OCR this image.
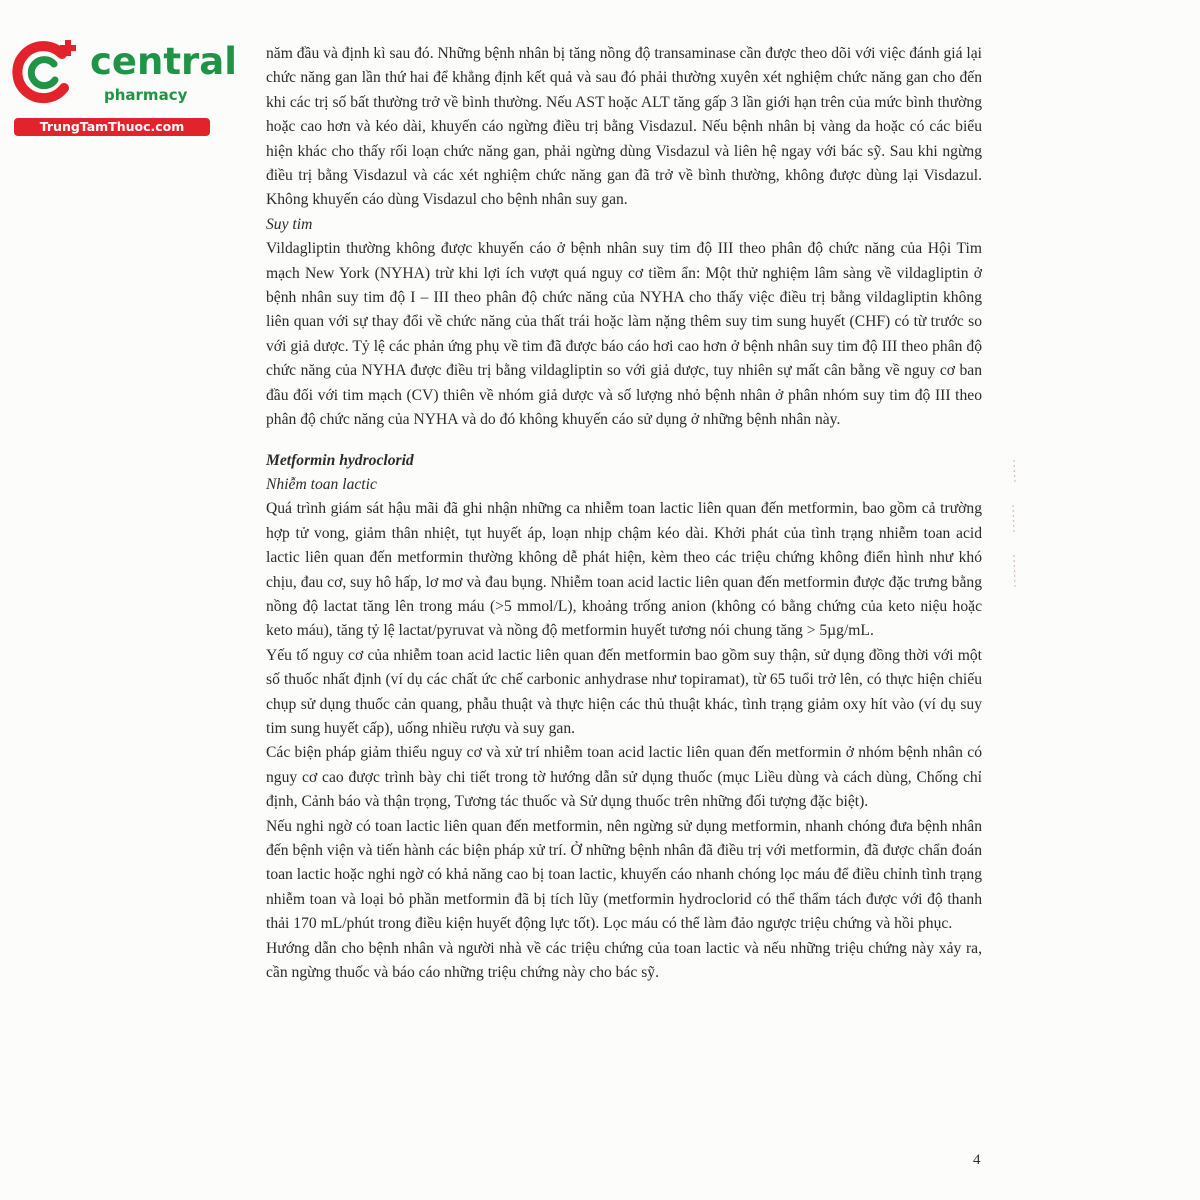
central
pharmacy
TrungTamThuoc.com

năm đầu và định kì sau đó. Những bệnh nhân bị tăng nồng độ transaminase cần được theo dõi với việc đánh giá lại chức năng gan lần thứ hai để khẳng định kết quả và sau đó phải thường xuyên xét nghiệm chức năng gan cho đến khi các trị số bất thường trở về bình thường. Nếu AST hoặc ALT tăng gấp 3 lần giới hạn trên của mức bình thường hoặc cao hơn và kéo dài, khuyến cáo ngừng điều trị bằng Visdazul. Nếu bệnh nhân bị vàng da hoặc có các biểu hiện khác cho thấy rối loạn chức năng gan, phải ngừng dùng Visdazul và liên hệ ngay với bác sỹ. Sau khi ngừng điều trị bằng Visdazul và các xét nghiệm chức năng gan đã trở về bình thường, không được dùng lại Visdazul. Không khuyến cáo dùng Visdazul cho bệnh nhân suy gan.

Suy tim

Vildagliptin thường không được khuyến cáo ở bệnh nhân suy tim độ III theo phân độ chức năng của Hội Tim mạch New York (NYHA) trừ khi lợi ích vượt quá nguy cơ tiềm ẩn: Một thử nghiệm lâm sàng về vildagliptin ở bệnh nhân suy tim độ I – III theo phân độ chức năng của NYHA cho thấy việc điều trị bằng vildagliptin không liên quan với sự thay đổi về chức năng của thất trái hoặc làm nặng thêm suy tim sung huyết (CHF) có từ trước so với giả dược. Tỷ lệ các phản ứng phụ về tim đã được báo cáo hơi cao hơn ở bệnh nhân suy tim độ III theo phân độ chức năng của NYHA được điều trị bằng vildagliptin so với giả dược, tuy nhiên sự mất cân bằng về nguy cơ ban đầu đối với tim mạch (CV) thiên về nhóm giả dược và số lượng nhỏ bệnh nhân ở phân nhóm suy tim độ III theo phân độ chức năng của NYHA và do đó không khuyến cáo sử dụng ở những bệnh nhân này.

Metformin hydroclorid

Nhiễm toan lactic

Quá trình giám sát hậu mãi đã ghi nhận những ca nhiễm toan lactic liên quan đến metformin, bao gồm cả trường hợp tử vong, giảm thân nhiệt, tụt huyết áp, loạn nhịp chậm kéo dài. Khởi phát của tình trạng nhiễm toan acid lactic liên quan đến metformin thường không dễ phát hiện, kèm theo các triệu chứng không điển hình như khó chịu, đau cơ, suy hô hấp, lơ mơ và đau bụng. Nhiễm toan acid lactic liên quan đến metformin được đặc trưng bằng nồng độ lactat tăng lên trong máu (>5 mmol/L), khoảng trống anion (không có bằng chứng của keto niệu hoặc keto máu), tăng tỷ lệ lactat/pyruvat và nồng độ metformin huyết tương nói chung tăng > 5µg/mL.

Yếu tố nguy cơ của nhiễm toan acid lactic liên quan đến metformin bao gồm suy thận, sử dụng đồng thời với một số thuốc nhất định (ví dụ các chất ức chế carbonic anhydrase như topiramat), từ 65 tuổi trở lên, có thực hiện chiếu chụp sử dụng thuốc cản quang, phẫu thuật và thực hiện các thủ thuật khác, tình trạng giảm oxy hít vào (ví dụ suy tim sung huyết cấp), uống nhiều rượu và suy gan.

Các biện pháp giảm thiểu nguy cơ và xử trí nhiễm toan acid lactic liên quan đến metformin ở nhóm bệnh nhân có nguy cơ cao được trình bày chi tiết trong tờ hướng dẫn sử dụng thuốc (mục Liều dùng và cách dùng, Chống chỉ định, Cảnh báo và thận trọng, Tương tác thuốc và Sử dụng thuốc trên những đối tượng đặc biệt).

Nếu nghi ngờ có toan lactic liên quan đến metformin, nên ngừng sử dụng metformin, nhanh chóng đưa bệnh nhân đến bệnh viện và tiến hành các biện pháp xử trí. Ở những bệnh nhân đã điều trị với metformin, đã được chẩn đoán toan lactic hoặc nghi ngờ có khả năng cao bị toan lactic, khuyến cáo nhanh chóng lọc máu để điều chỉnh tình trạng nhiễm toan và loại bỏ phần metformin đã bị tích lũy (metformin hydroclorid có thể thẩm tách được với độ thanh thải 170 mL/phút trong điều kiện huyết động lực tốt). Lọc máu có thể làm đảo ngược triệu chứng và hồi phục.

Hướng dẫn cho bệnh nhân và người nhà về các triệu chứng của toan lactic và nếu những triệu chứng này xảy ra, cần ngừng thuốc và báo cáo những triệu chứng này cho bác sỹ.

4
